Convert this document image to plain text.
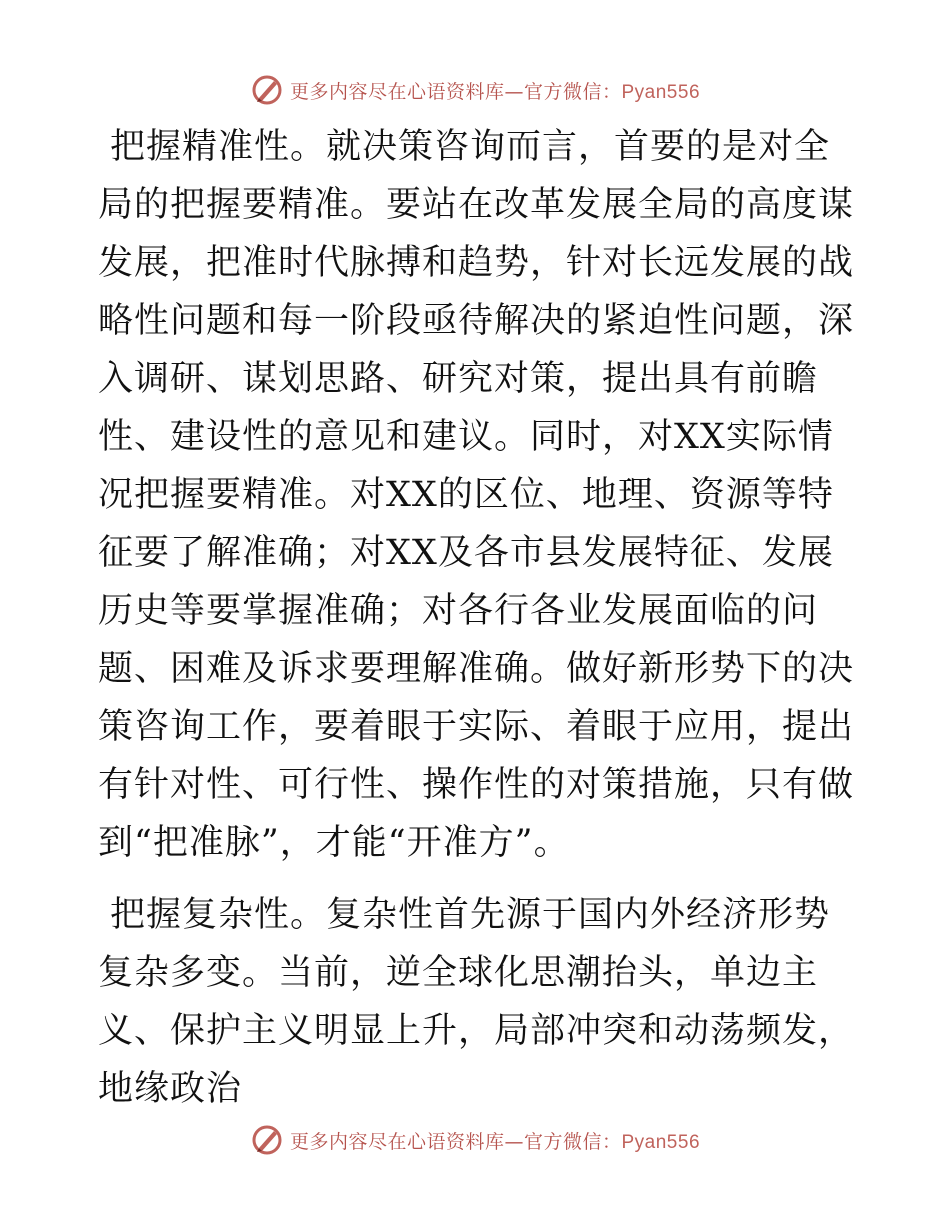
更多内容尽在心语资料库—官方微信：Pyan556

把握精准性。就决策咨询而言，首要的是对全局的把握要精准。要站在改革发展全局的高度谋发展，把准时代脉搏和趋势，针对长远发展的战略性问题和每一阶段亟待解决的紧迫性问题，深入调研、谋划思路、研究对策，提出具有前瞻性、建设性的意见和建议。同时，对XX实际情况把握要精准。对XX的区位、地理、资源等特征要了解准确；对XX及各市县发展特征、发展历史等要掌握准确；对各行各业发展面临的问题、困难及诉求要理解准确。做好新形势下的决策咨询工作，要着眼于实际、着眼于应用，提出有针对性、可行性、操作性的对策措施，只有做到“把准脉”，才能“开准方”。

把握复杂性。复杂性首先源于国内外经济形势复杂多变。当前，逆全球化思潮抬头，单边主义、保护主义明显上升，局部冲突和动荡频发，地缘政治

更多内容尽在心语资料库—官方微信：Pyan556
